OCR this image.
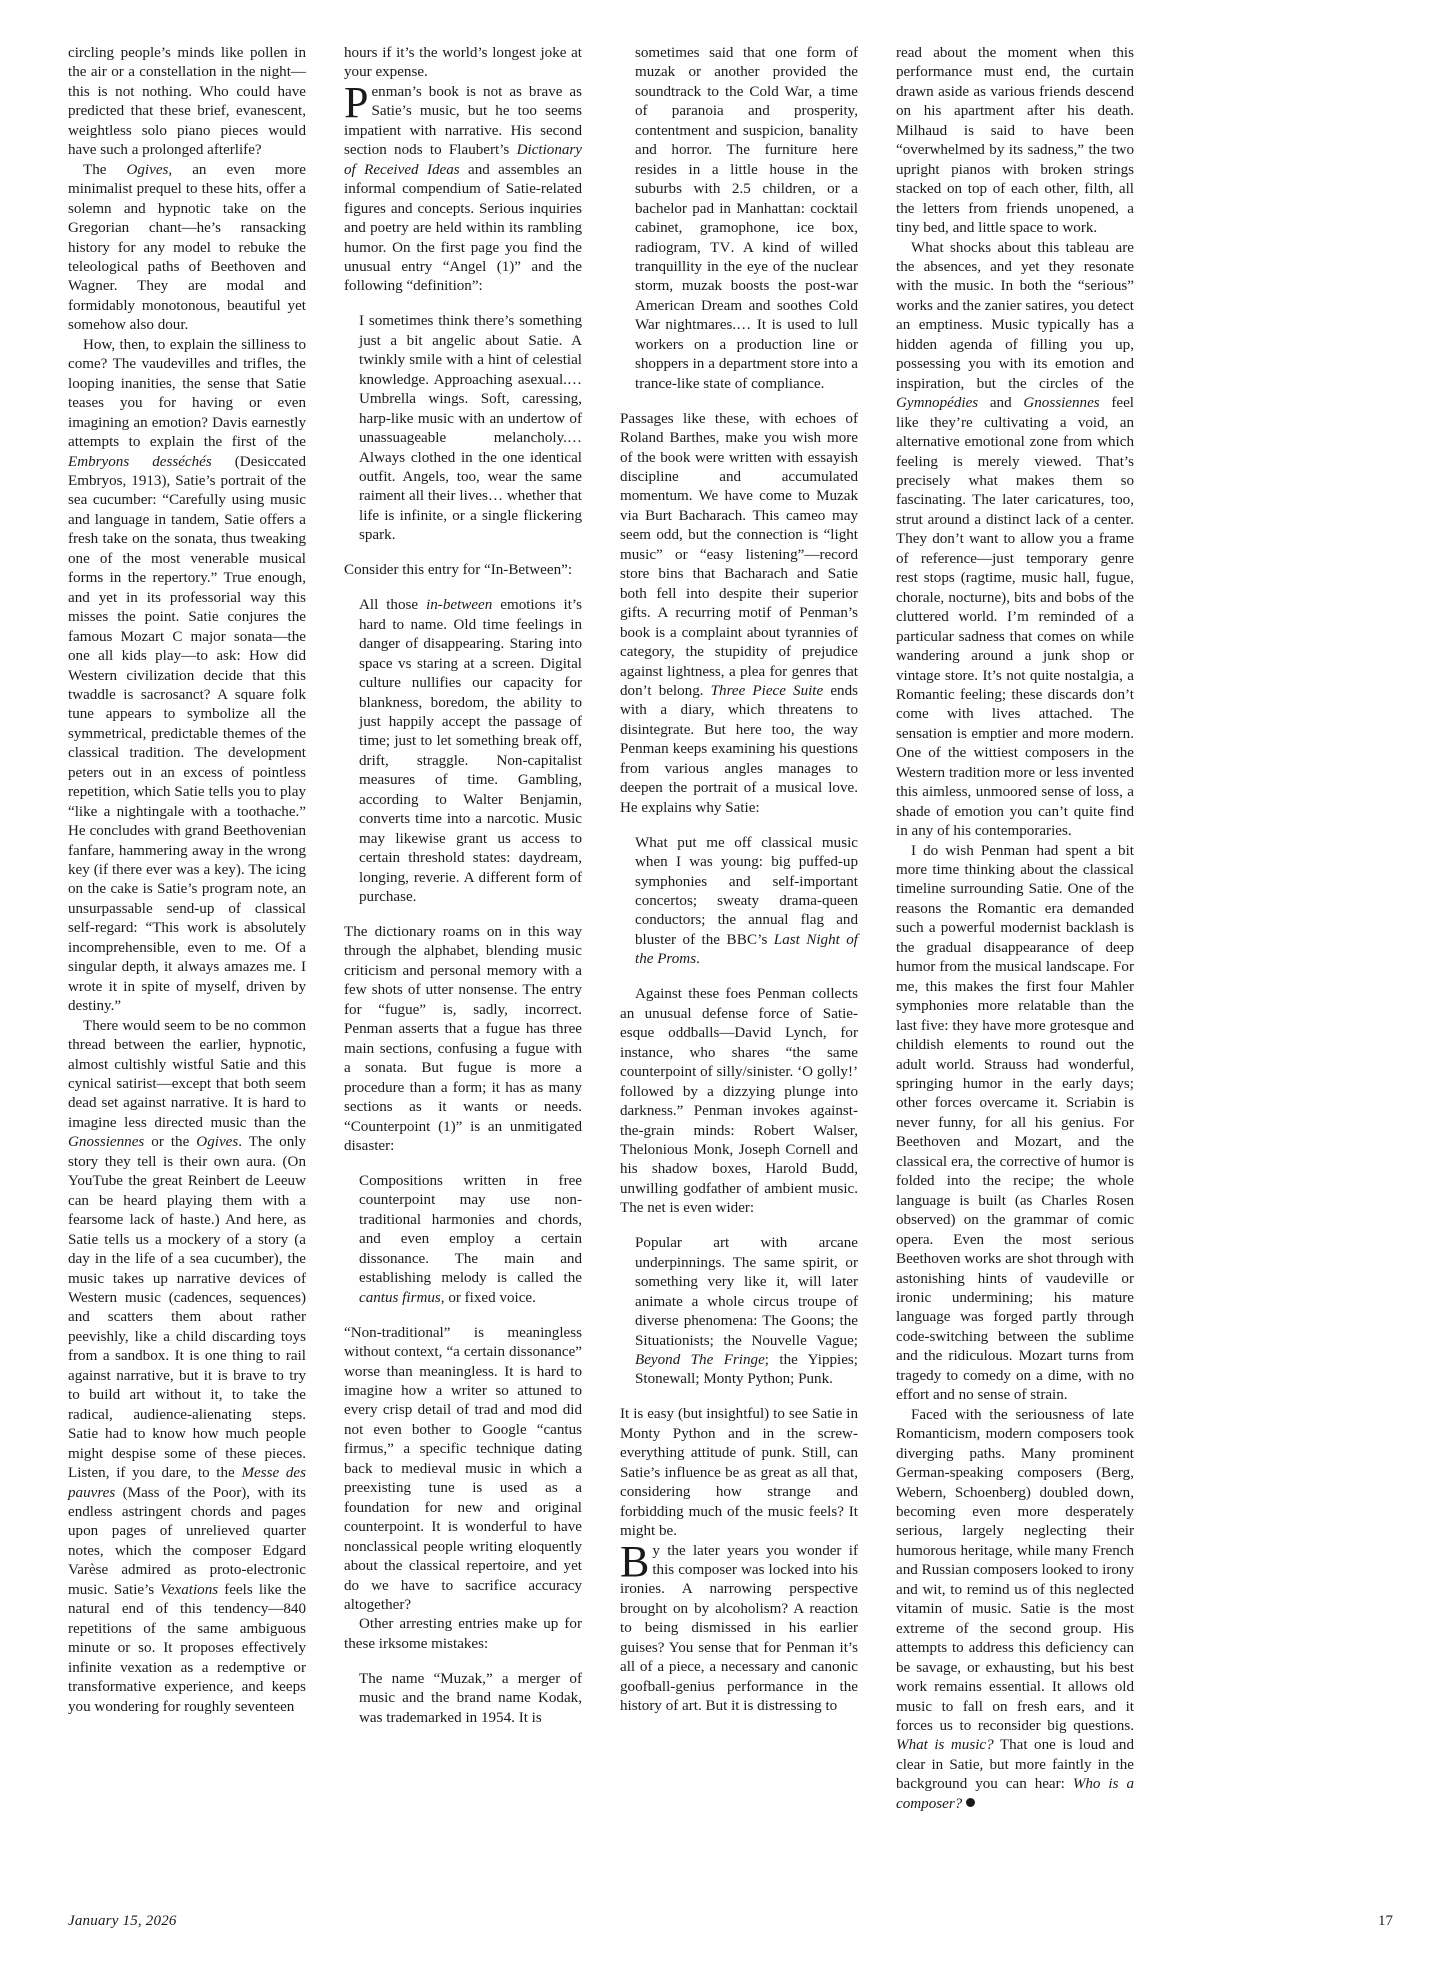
circling people’s minds like pollen in the air or a constellation in the night—this is not nothing. Who could have predicted that these brief, evanescent, weightless solo piano pieces would have such a prolonged afterlife?

The Ogives, an even more minimalist prequel to these hits, offer a solemn and hypnotic take on the Gregorian chant—he’s ransacking history for any model to rebuke the teleological paths of Beethoven and Wagner. They are modal and formidably monotonous, beautiful yet somehow also dour.

How, then, to explain the silliness to come? The vaudevilles and trifles, the looping inanities, the sense that Satie teases you for having or even imagining an emotion? Davis earnestly attempts to explain the first of the Embryons desséchés (Desiccated Embryos, 1913), Satie’s portrait of the sea cucumber: “Carefully using music and language in tandem, Satie offers a fresh take on the sonata, thus tweaking one of the most venerable musical forms in the repertory.” True enough, and yet in its professorial way this misses the point. Satie conjures the famous Mozart C major sonata—the one all kids play—to ask: How did Western civilization decide that this twaddle is sacrosanct? A square folk tune appears to symbolize all the symmetrical, predictable themes of the classical tradition. The development peters out in an excess of pointless repetition, which Satie tells you to play “like a nightingale with a toothache.” He concludes with grand Beethovenian fanfare, hammering away in the wrong key (if there ever was a key). The icing on the cake is Satie’s program note, an unsurpassable send-up of classical self-regard: “This work is absolutely incomprehensible, even to me. Of a singular depth, it always amazes me. I wrote it in spite of myself, driven by destiny.”

There would seem to be no common thread between the earlier, hypnotic, almost cultishly wistful Satie and this cynical satirist—except that both seem dead set against narrative. It is hard to imagine less directed music than the Gnossiennes or the Ogives. The only story they tell is their own aura. (On YouTube the great Reinbert de Leeuw can be heard playing them with a fearsome lack of haste.) And here, as Satie tells us a mockery of a story (a day in the life of a sea cucumber), the music takes up narrative devices of Western music (cadences, sequences) and scatters them about rather peevishly, like a child discarding toys from a sandbox. It is one thing to rail against narrative, but it is brave to try to build art without it, to take the radical, audience-alienating steps. Satie had to know how much people might despise some of these pieces. Listen, if you dare, to the Messe des pauvres (Mass of the Poor), with its endless astringent chords and pages upon pages of unrelieved quarter notes, which the composer Edgard Varèse admired as proto-electronic music. Satie’s Vexations feels like the natural end of this tendency—840 repetitions of the same ambiguous minute or so. It proposes effectively infinite vexation as a redemptive or transformative experience, and keeps you wondering for roughly seventeen

hours if it’s the world’s longest joke at your expense.

Penman’s book is not as brave as Satie’s music, but he too seems impatient with narrative. His second section nods to Flaubert’s Dictionary of Received Ideas and assembles an informal compendium of Satie-related figures and concepts. Serious inquiries and poetry are held within its rambling humor. On the first page you find the unusual entry “Angel (1)” and the following “definition”:

I sometimes think there’s something just a bit angelic about Satie. A twinkly smile with a hint of celestial knowledge. Approaching asexual.… Umbrella wings. Soft, caressing, harp-like music with an undertow of unassuageable melancholy.… Always clothed in the one identical outfit. Angels, too, wear the same raiment all their lives… whether that life is infinite, or a single flickering spark.

Consider this entry for “In-Between”:

All those in-between emotions it’s hard to name. Old time feelings in danger of disappearing. Staring into space vs staring at a screen. Digital culture nullifies our capacity for blankness, boredom, the ability to just happily accept the passage of time; just to let something break off, drift, straggle. Non-capitalist measures of time. Gambling, according to Walter Benjamin, converts time into a narcotic. Music may likewise grant us access to certain threshold states: daydream, longing, reverie. A different form of purchase.

The dictionary roams on in this way through the alphabet, blending music criticism and personal memory with a few shots of utter nonsense. The entry for “fugue” is, sadly, incorrect. Penman asserts that a fugue has three main sections, confusing a fugue with a sonata. But fugue is more a procedure than a form; it has as many sections as it wants or needs. “Counterpoint (1)” is an unmitigated disaster:

Compositions written in free counterpoint may use non-traditional harmonies and chords, and even employ a certain dissonance. The main and establishing melody is called the cantus firmus, or fixed voice.

“Non-traditional” is meaningless without context, “a certain dissonance” worse than meaningless. It is hard to imagine how a writer so attuned to every crisp detail of trad and mod did not even bother to Google “cantus firmus,” a specific technique dating back to medieval music in which a preexisting tune is used as a foundation for new and original counterpoint. It is wonderful to have nonclassical people writing eloquently about the classical repertoire, and yet do we have to sacrifice accuracy altogether?

Other arresting entries make up for these irksome mistakes:

The name “Muzak,” a merger of music and the brand name Kodak, was trademarked in 1954. It is

sometimes said that one form of muzak or another provided the soundtrack to the Cold War, a time of paranoia and prosperity, contentment and suspicion, banality and horror. The furniture here resides in a little house in the suburbs with 2.5 children, or a bachelor pad in Manhattan: cocktail cabinet, gramophone, ice box, radiogram, TV. A kind of willed tranquillity in the eye of the nuclear storm, muzak boosts the post-war American Dream and soothes Cold War nightmares.… It is used to lull workers on a production line or shoppers in a department store into a trance-like state of compliance.

Passages like these, with echoes of Roland Barthes, make you wish more of the book were written with essayish discipline and accumulated momentum. We have come to Muzak via Burt Bacharach. This cameo may seem odd, but the connection is “light music” or “easy listening”—record store bins that Bacharach and Satie both fell into despite their superior gifts. A recurring motif of Penman’s book is a complaint about tyrannies of category, the stupidity of prejudice against lightness, a plea for genres that don’t belong. Three Piece Suite ends with a diary, which threatens to disintegrate. But here too, the way Penman keeps examining his questions from various angles manages to deepen the portrait of a musical love. He explains why Satie:

What put me off classical music when I was young: big puffed-up symphonies and self-important concertos; sweaty drama-queen conductors; the annual flag and bluster of the BBC’s Last Night of the Proms.

Against these foes Penman collects an unusual defense force of Satie-esque oddballs—David Lynch, for instance, who shares “the same counterpoint of silly/sinister. ‘O golly!’ followed by a dizzying plunge into darkness.” Penman invokes against-the-grain minds: Robert Walser, Thelonious Monk, Joseph Cornell and his shadow boxes, Harold Budd, unwilling godfather of ambient music. The net is even wider:

Popular art with arcane underpinnings. The same spirit, or something very like it, will later animate a whole circus troupe of diverse phenomena: The Goons; the Situationists; the Nouvelle Vague; Beyond The Fringe; the Yippies; Stonewall; Monty Python; Punk.

It is easy (but insightful) to see Satie in Monty Python and in the screw-everything attitude of punk. Still, can Satie’s influence be as great as all that, considering how strange and forbidding much of the music feels? It might be.

By the later years you wonder if this composer was locked into his ironies. A narrowing perspective brought on by alcoholism? A reaction to being dismissed in his earlier guises? You sense that for Penman it’s all of a piece, a necessary and canonic goofball-genius performance in the history of art. But it is distressing to

read about the moment when this performance must end, the curtain drawn aside as various friends descend on his apartment after his death. Milhaud is said to have been “overwhelmed by its sadness,” the two upright pianos with broken strings stacked on top of each other, filth, all the letters from friends unopened, a tiny bed, and little space to work.

What shocks about this tableau are the absences, and yet they resonate with the music. In both the “serious” works and the zanier satires, you detect an emptiness. Music typically has a hidden agenda of filling you up, possessing you with its emotion and inspiration, but the circles of the Gymnopédies and Gnossiennes feel like they’re cultivating a void, an alternative emotional zone from which feeling is merely viewed. That’s precisely what makes them so fascinating. The later caricatures, too, strut around a distinct lack of a center. They don’t want to allow you a frame of reference—just temporary genre rest stops (ragtime, music hall, fugue, chorale, nocturne), bits and bobs of the cluttered world. I’m reminded of a particular sadness that comes on while wandering around a junk shop or vintage store. It’s not quite nostalgia, a Romantic feeling; these discards don’t come with lives attached. The sensation is emptier and more modern. One of the wittiest composers in the Western tradition more or less invented this aimless, unmoored sense of loss, a shade of emotion you can’t quite find in any of his contemporaries.

I do wish Penman had spent a bit more time thinking about the classical timeline surrounding Satie. One of the reasons the Romantic era demanded such a powerful modernist backlash is the gradual disappearance of deep humor from the musical landscape. For me, this makes the first four Mahler symphonies more relatable than the last five: they have more grotesque and childish elements to round out the adult world. Strauss had wonderful, springing humor in the early days; other forces overcame it. Scriabin is never funny, for all his genius. For Beethoven and Mozart, and the classical era, the corrective of humor is folded into the recipe; the whole language is built (as Charles Rosen observed) on the grammar of comic opera. Even the most serious Beethoven works are shot through with astonishing hints of vaudeville or ironic undermining; his mature language was forged partly through code-switching between the sublime and the ridiculous. Mozart turns from tragedy to comedy on a dime, with no effort and no sense of strain.

Faced with the seriousness of late Romanticism, modern composers took diverging paths. Many prominent German-speaking composers (Berg, Webern, Schoenberg) doubled down, becoming even more desperately serious, largely neglecting their humorous heritage, while many French and Russian composers looked to irony and wit, to remind us of this neglected vitamin of music. Satie is the most extreme of the second group. His attempts to address this deficiency can be savage, or exhausting, but his best work remains essential. It allows old music to fall on fresh ears, and it forces us to reconsider big questions. What is music? That one is loud and clear in Satie, but more faintly in the background you can hear: Who is a composer?

January 15, 2026	17
